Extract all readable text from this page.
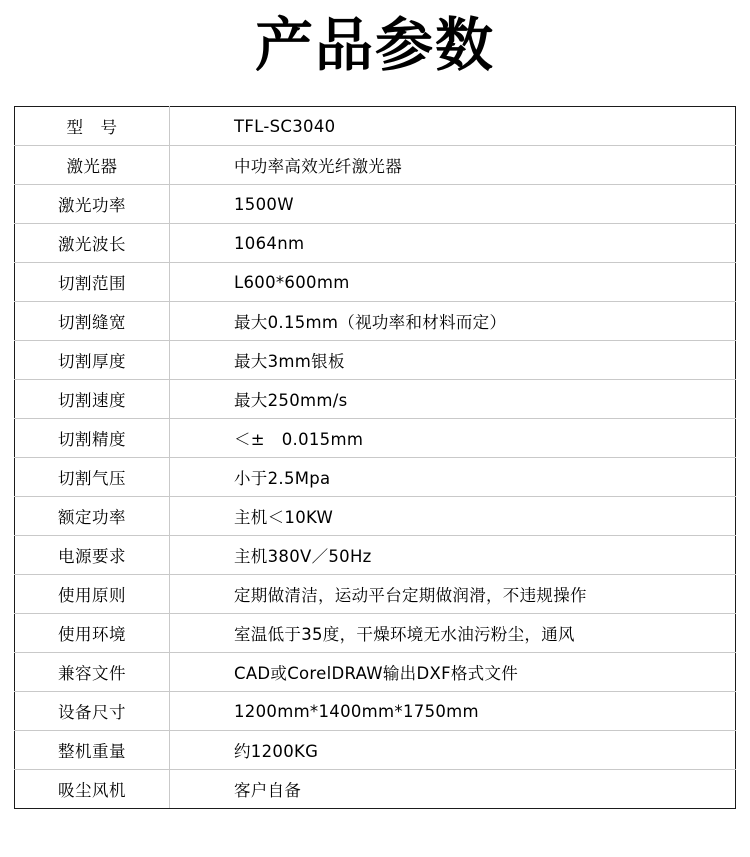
产品参数
型　号	TFL-SC3040
激光器	中功率高效光纤激光器
激光功率	1500W
激光波长	1064nm
切割范围	L600*600mm
切割缝宽	最大0.15mm（视功率和材料而定）
切割厚度	最大3mm银板
切割速度	最大250mm/s
切割精度	＜±　0.015mm
切割气压	小于2.5Mpa
额定功率	主机＜10KW
电源要求	主机380V／50Hz
使用原则	定期做清洁，运动平台定期做润滑，不违规操作
使用环境	室温低于35度，干燥环境无水油污粉尘，通风
兼容文件	CAD或CorelDRAW输出DXF格式文件
设备尺寸	1200mm*1400mm*1750mm
整机重量	约1200KG
吸尘风机	客户自备
